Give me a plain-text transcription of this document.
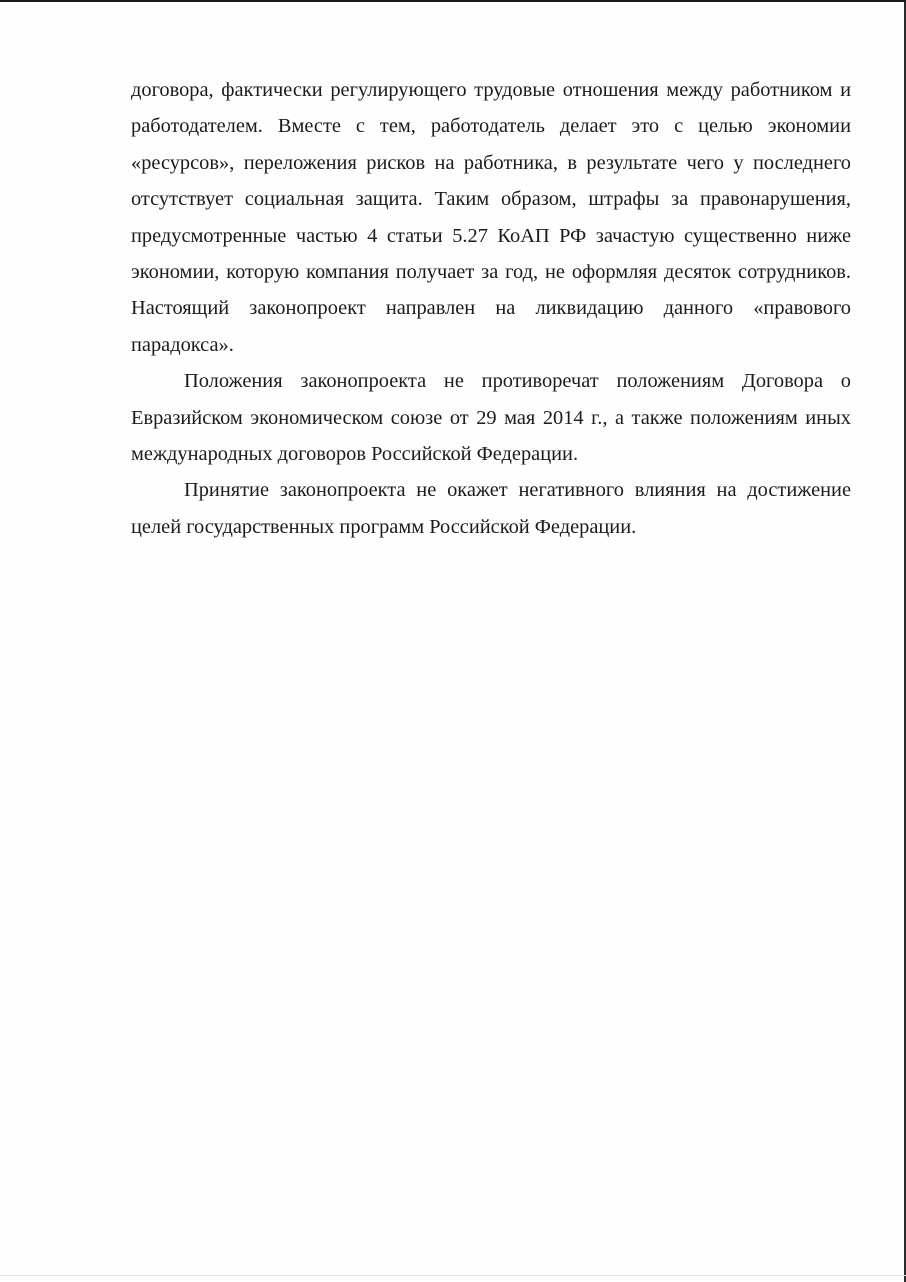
договора, фактически регулирующего трудовые отношения между работником и работодателем. Вместе с тем, работодатель делает это с целью экономии «ресурсов», переложения рисков на работника, в результате чего у последнего отсутствует социальная защита. Таким образом, штрафы за правонарушения, предусмотренные частью 4 статьи 5.27 КоАП РФ зачастую существенно ниже экономии, которую компания получает за год, не оформляя десяток сотрудников. Настоящий законопроект направлен на ликвидацию данного «правового парадокса».

Положения законопроекта не противоречат положениям Договора о Евразийском экономическом союзе от 29 мая 2014 г., а также положениям иных международных договоров Российской Федерации.

Принятие законопроекта не окажет негативного влияния на достижение целей государственных программ Российской Федерации.
